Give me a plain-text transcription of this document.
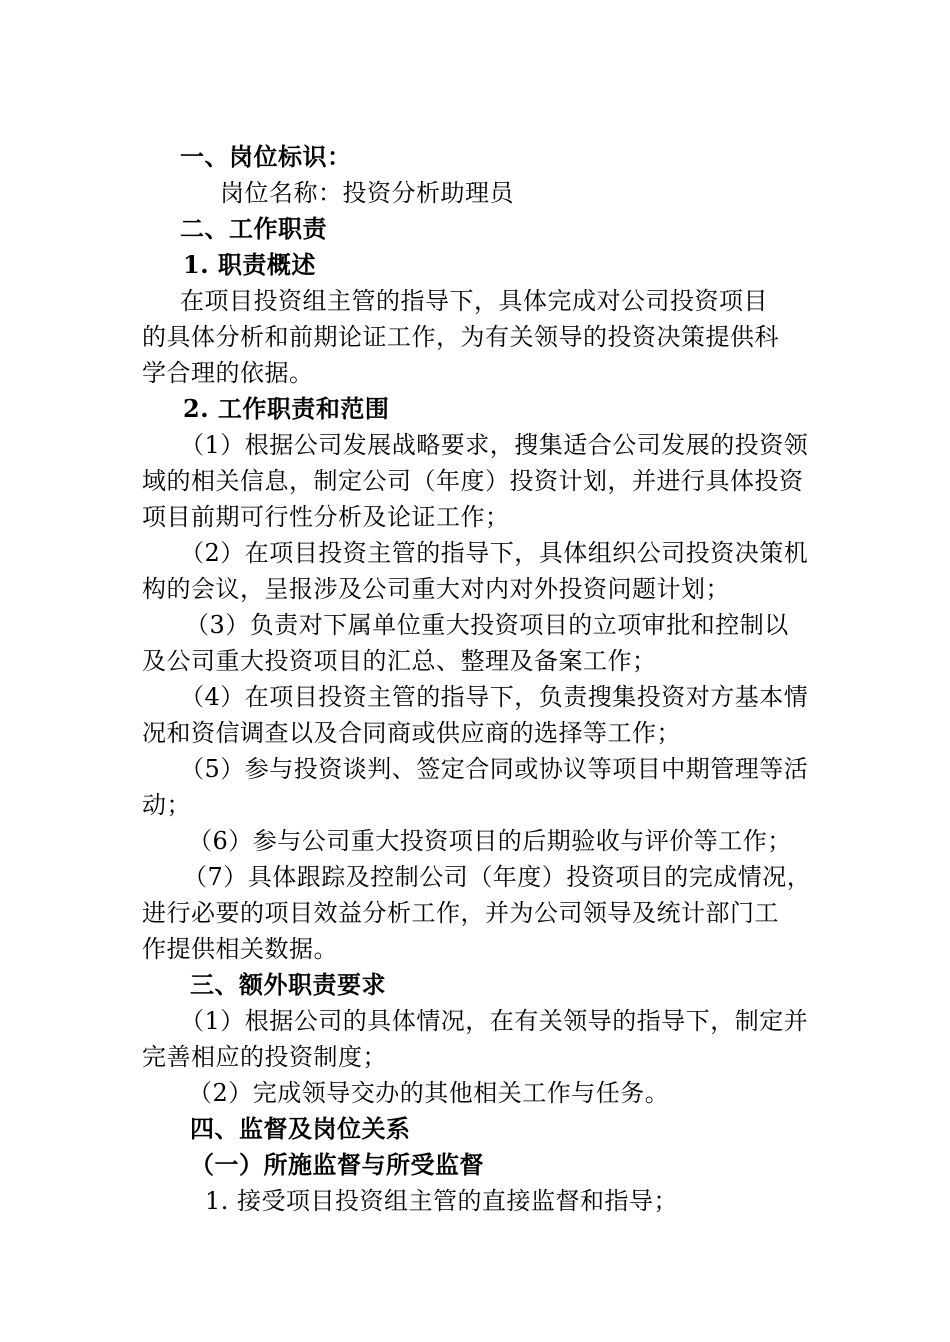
一、岗位标识：
岗位名称：投资分析助理员
二、工作职责
1. 职责概述
在项目投资组主管的指导下，具体完成对公司投资项目
的具体分析和前期论证工作，为有关领导的投资决策提供科
学合理的依据。
2. 工作职责和范围
（1）根据公司发展战略要求，搜集适合公司发展的投资领
域的相关信息，制定公司（年度）投资计划，并进行具体投资
项目前期可行性分析及论证工作；
（2）在项目投资主管的指导下，具体组织公司投资决策机
构的会议，呈报涉及公司重大对内对外投资问题计划；
（3）负责对下属单位重大投资项目的立项审批和控制以
及公司重大投资项目的汇总、整理及备案工作；
（4）在项目投资主管的指导下，负责搜集投资对方基本情
况和资信调查以及合同商或供应商的选择等工作；
（5）参与投资谈判、签定合同或协议等项目中期管理等活
动；
（6）参与公司重大投资项目的后期验收与评价等工作；
（7）具体跟踪及控制公司（年度）投资项目的完成情况，
进行必要的项目效益分析工作，并为公司领导及统计部门工
作提供相关数据。
三、额外职责要求
（1）根据公司的具体情况，在有关领导的指导下，制定并
完善相应的投资制度；
（2）完成领导交办的其他相关工作与任务。
四、监督及岗位关系
（一）所施监督与所受监督
1. 接受项目投资组主管的直接监督和指导；
